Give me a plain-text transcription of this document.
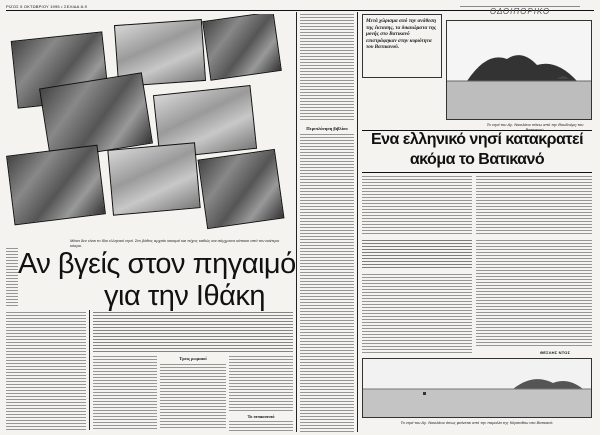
ΡΙΖΟΣ 5 ΟΚΤΩΒΡΙΟΥ 1995 • ΣΕΛΙΔΑ 8-9
ΟΔΟΙΠΟΡΙΚΟ
Μέσα δεν είναι το ίδιο ελληνικό νησί. Στο βάθος αρχαίο οικισμό και τείχος καθώς και σύγχρονο κάτοικο από τον εκάτερο κόσμο.
Αν βγείς στον πηγαιμό
για την Ιθάκη
Τρεις ρωμαιοί
Το ιππαοιπιπό
Περιπλάνηση βιβλίου
Μετά χώρισμα από την ανάθεση της έκτασης, τα δικαιώματα της μονής στο Βατικανό επιστράφηκαν στην κυριότητα του Βατικανού.
Το νησί του Αγ. Νικολάου πάνω από την Βουδούρη του
Ενα ελληνικό νησί κατακρατεί
ακόμα το Βατικανό
ΘΕΣΛΗΣ ΝΤΟΣ
Το νησί του Αγ. Νικολάου όπως φαίνεται από την παραλία της Κάρπαθου στο Βατικανό.
